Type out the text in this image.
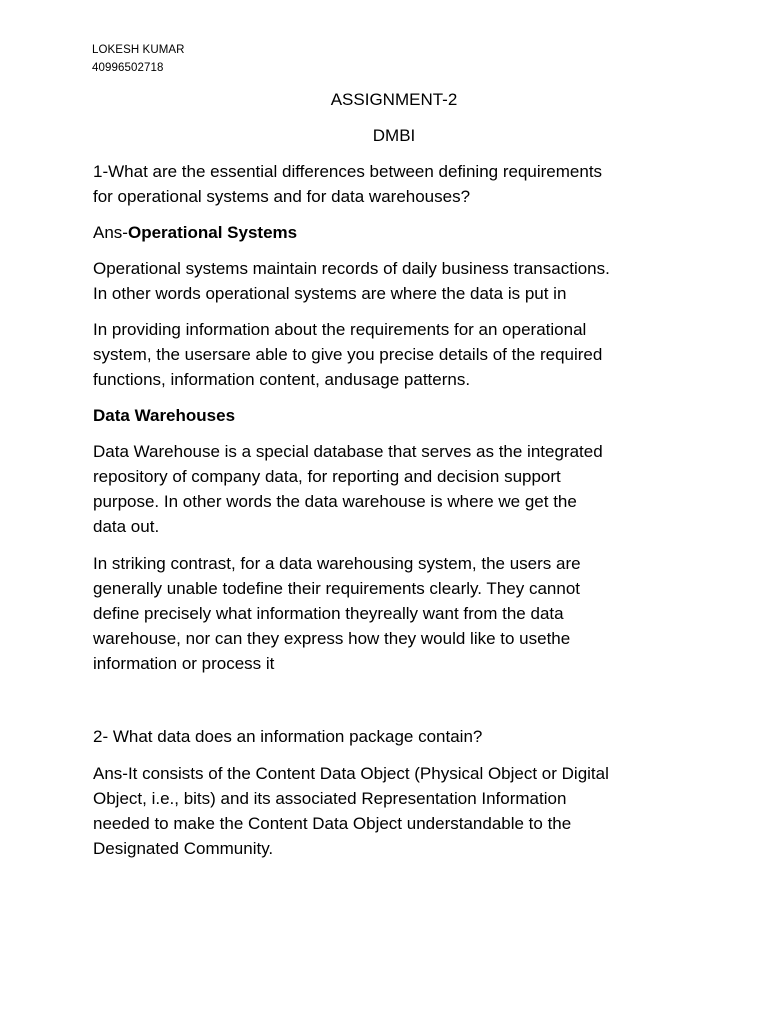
LOKESH KUMAR
40996502718
ASSIGNMENT-2
DMBI

1-What are the essential differences between defining requirements

for operational systems and for data warehouses?

Ans-Operational Systems

Operational systems maintain records of daily business transactions.

In other words operational systems are where the data is put in

In providing information about the requirements for an operational

system, the usersare able to give you precise details of the required

functions, information content, andusage patterns.

Data Warehouses

Data Warehouse is a special database that serves as the integrated

repository of company data, for reporting and decision support

purpose. In other words the data warehouse is where we get the

data out.

In striking contrast, for a data warehousing system, the users are

generally unable todefine their requirements clearly. They cannot

define precisely what information theyreally want from the data

warehouse, nor can they express how they would like to usethe

information or process it

2- What data does an information package contain?

Ans-It consists of the Content Data Object (Physical Object or Digital

Object, i.e., bits) and its associated Representation Information

needed to make the Content Data Object understandable to the

Designated Community.
